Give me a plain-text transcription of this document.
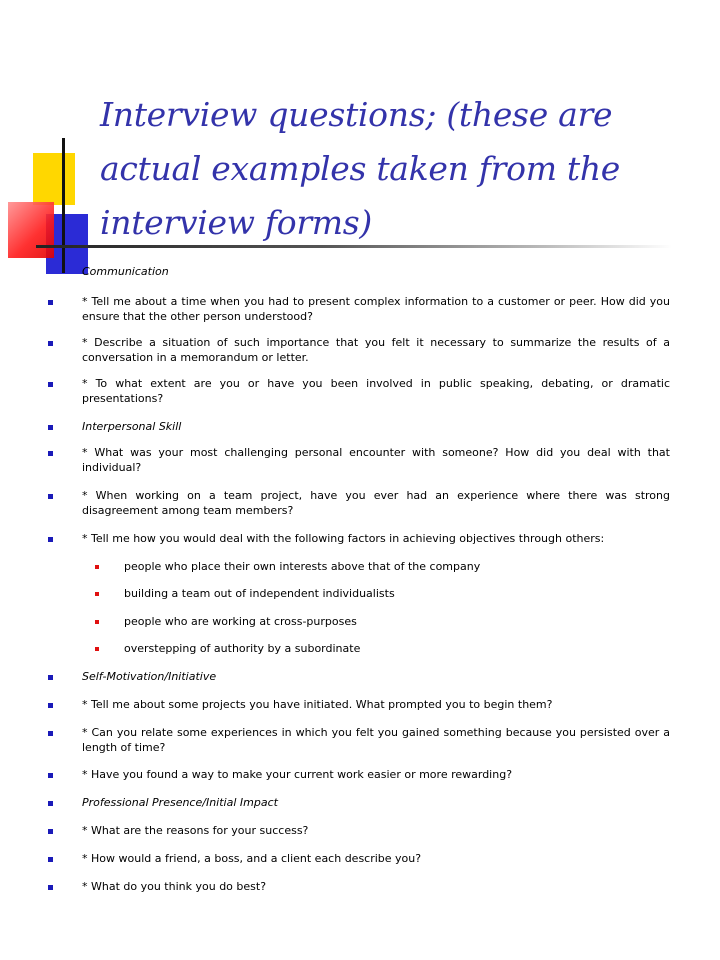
Interview questions; (these are actual examples taken from the interview forms)
Communication
* Tell me about a time when you had to present complex information to a customer or peer. How did you ensure that the other person understood?
* Describe a situation of such importance that you felt it necessary to summarize the results of a conversation in a memorandum or letter.
* To what extent are you or have you been involved in public speaking, debating, or dramatic presentations?
Interpersonal Skill
* What was your most challenging personal encounter with someone? How did you deal with that individual?
* When working on a team project, have you ever had an experience where there was strong disagreement among team members?
* Tell me how you would deal with the following factors in achieving objectives through others:
people who place their own interests above that of the company
building a team out of independent individualists
people who are working at cross-purposes
overstepping of authority by a subordinate
Self-Motivation/Initiative
* Tell me about some projects you have initiated. What prompted you to begin them?
* Can you relate some experiences in which you felt you gained something because you persisted over a length of time?
* Have you found a way to make your current work easier or more rewarding?
Professional Presence/Initial Impact
* What are the reasons for your success?
* How would a friend, a boss, and a client each describe you?
* What do you think you do best?
